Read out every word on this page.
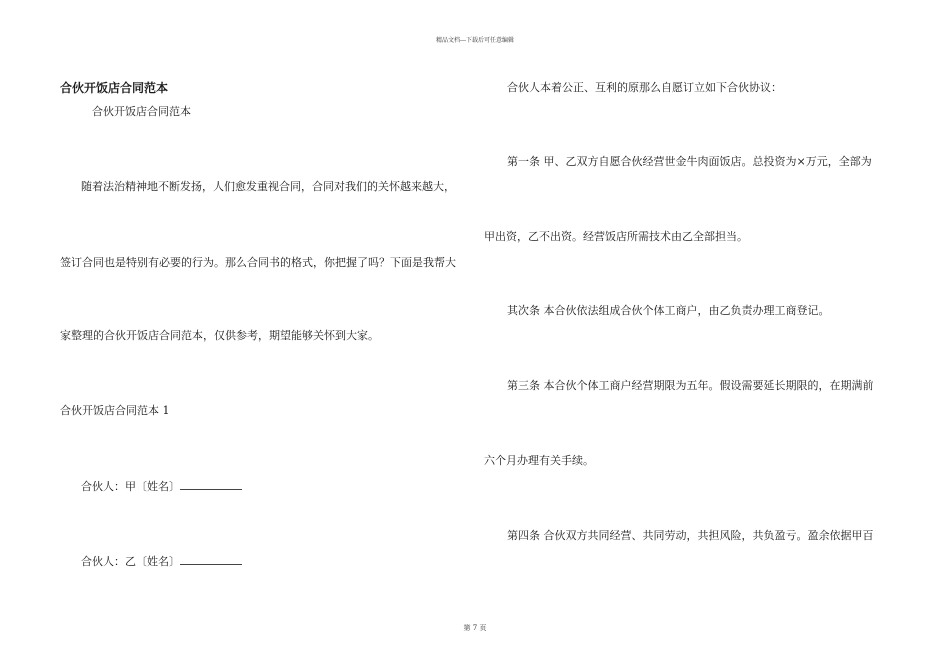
精品文档---下载后可任意编辑
合伙开饭店合同范本
合伙开饭店合同范本
随着法治精神地不断发扬，人们愈发重视合同，合同对我们的关怀越来越大，
签订合同也是特别有必要的行为。那么合同书的格式，你把握了吗？下面是我帮大
家整理的合伙开饭店合同范本，仅供参考，期望能够关怀到大家。
合伙开饭店合同范本 1
合伙人：甲〔姓名〕
合伙人：乙〔姓名〕
合伙人本着公正、互利的原那么自愿订立如下合伙协议：
第一条 甲、乙双方自愿合伙经营世金牛肉面饭店。总投资为×万元，全部为
甲出资，乙不出资。经营饭店所需技术由乙全部担当。
其次条 本合伙依法组成合伙个体工商户，由乙负责办理工商登记。
第三条 本合伙个体工商户经营期限为五年。假设需要延长期限的，在期满前
六个月办理有关手续。
第四条 合伙双方共同经营、共同劳动，共担风险，共负盈亏。盈余依据甲百
第 7 页
